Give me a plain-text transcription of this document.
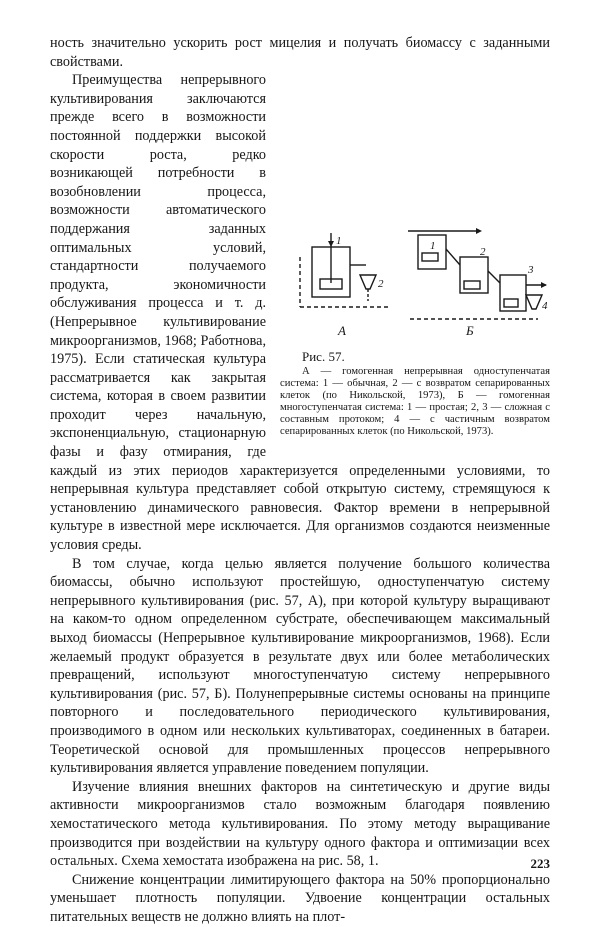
ность значительно ускорить рост мицелия и получать биомассу с заданными свойствами.

1
2
1	2
3
4
А	Б
Рис. 57.
А — гомогенная непрерывная одноступенчатая система: 1 — обычная, 2 — с возвратом сепарированных клеток (по Никольской, 1973), Б — гомогенная многоступенчатая система: 1 — простая; 2, 3 — сложная с составным протоком; 4 — с частичным возвратом сепарированных клеток (по Никольской, 1973).
Преимущества непрерывного культивирования заключаются прежде всего в возможности постоянной поддержки высокой скорости роста, редко возникающей потребности в возобновлении процесса, возможности автоматического поддержания заданных оптимальных условий, стандартности получаемого продукта, экономичности обслуживания процесса и т. д. (Непрерывное культивирование микроорганизмов, 1968; Работнова, 1975). Если статическая культура рассматривается как закрытая система, которая в своем развитии проходит через начальную, экспоненциальную, стационарную фазы и фазу отмирания, где каждый из этих периодов характеризуется определенными условиями, то непрерывная культура представляет собой открытую систему, стремящуюся к установлению динамического равновесия. Фактор времени в непрерывной культуре в известной мере исключается. Для организмов создаются неизменные условия среды.

В том случае, когда целью является получение большого количества биомассы, обычно используют простейшую, одноступенчатую систему непрерывного культивирования (рис. 57, А), при которой культуру выращивают на каком-то одном определенном субстрате, обеспечивающем максимальный выход биомассы (Непрерывное культивирование микроорганизмов, 1968). Если желаемый продукт образуется в результате двух или более метаболических превращений, используют многоступенчатую систему непрерывного культивирования (рис. 57, Б). Полунепрерывные системы основаны на принципе повторного и последовательного периодического культивирования, производимого в одном или нескольких культиваторах, соединенных в батареи. Теоретической основой для промышленных процессов непрерывного культивирования является управление поведением популяции.

Изучение влияния внешних факторов на синтетическую и другие виды активности микроорганизмов стало возможным благодаря появлению хемостатического метода культивирования. По этому методу выращивание производится при воздействии на культуру одного фактора и оптимизации всех остальных. Схема хемостата изображена на рис. 58, 1.

Снижение концентрации лимитирующего фактора на 50% пропорционально уменьшает плотность популяции. Удвоение концентрации остальных питательных веществ не должно влиять на плот-

223
